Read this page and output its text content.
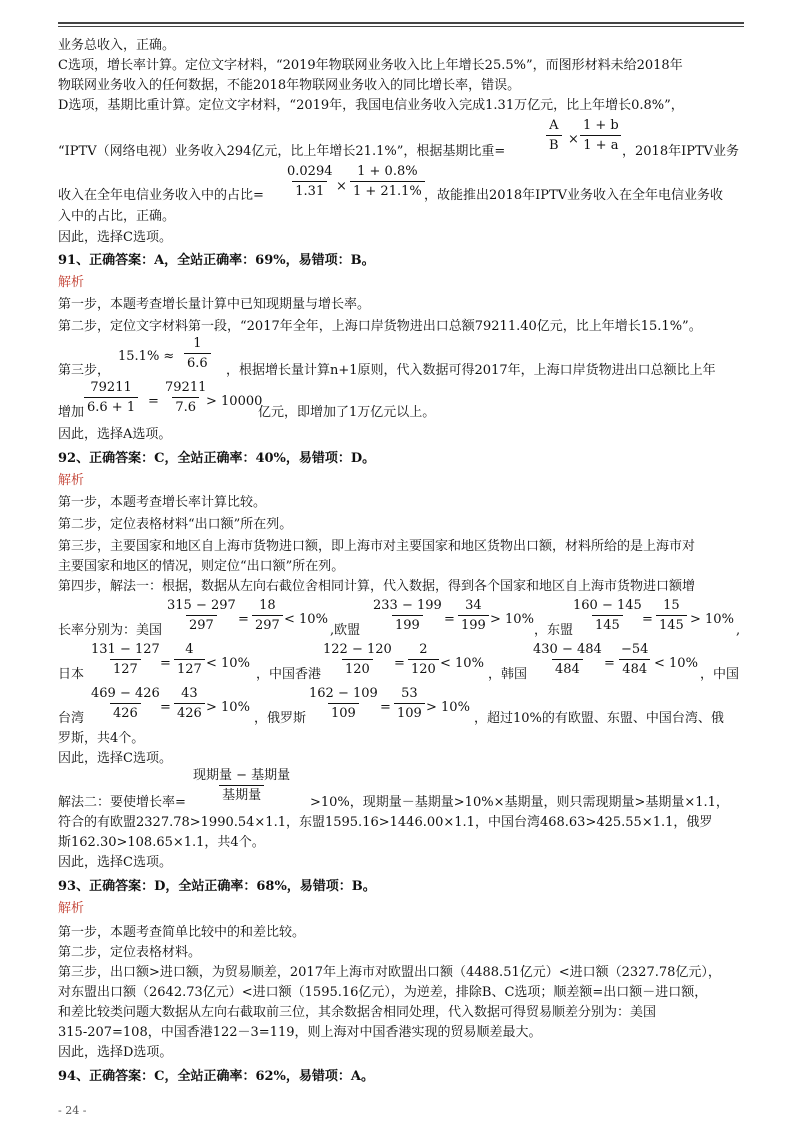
业务总收入，正确。
C选项，增长率计算。定位文字材料，“2019年物联网业务收入比上年增长25.5%”，而图形材料未给2018年
物联网业务收入的任何数据，不能2018年物联网业务收入的同比增长率，错误。
D选项，基期比重计算。定位文字材料，“2019年，我国电信业务收入完成1.31万亿元，比上年增长0.8%”，
“IPTV（网络电视）业务收入294亿元，比上年增长21.1%”，根据基期比重=
A
B ×
1 + b
1 + a ，2018年IPTV业务
收入在全年电信业务收入中的占比=
0.0294
1.31 ×
1 + 0.8%
1 + 21.1% ，故能推出2018年IPTV业务收入在全年电信业务收
入中的占比，正确。
因此，选择C选项。
91、正确答案：A，全站正确率：69%，易错项：B。
解析
第一步，本题考查增长量计算中已知现期量与增长率。
第二步，定位文字材料第一段，“2017年全年，上海口岸货物进出口总额79211.40亿元，比上年增长15.1%”。
第三步，
15.1% ≈
1
6.6 ，根据增长量计算n+1原则，代入数据可得2017年，上海口岸货物进出口总额比上年
增加
79211
6.6 + 1 =
79211
7.6 > 10000
亿元，即增加了1万亿元以上。
因此，选择A选项。
92、正确答案：C，全站正确率：40%，易错项：D。
解析
第一步，本题考查增长率计算比较。
第二步，定位表格材料“出口额”所在列。
第三步，主要国家和地区自上海市货物进口额，即上海市对主要国家和地区货物出口额，材料所给的是上海市对
主要国家和地区的情况，则定位“出口额”所在列。
第四步，解法一：根据，数据从左向右截位舍相同计算，代入数据，得到各个国家和地区自上海市货物进口额增
长率分别为：美国
315 − 297
297 =
18
297 < 10%
,欧盟
233 − 199
199 =
34
199 > 10%
，东盟
160 − 145
145 =
15
145 > 10%
,
日本
131 − 127
127 =
4
127 < 10%
，中国香港
122 − 120
120 =
2
120 < 10%
，韩国
430 − 484
484 =
−54
484 < 10%
，中国
台湾
469 − 426
426 =
43
426 > 10%
，俄罗斯
162 − 109
109 =
53
109 > 10%
，超过10%的有欧盟、东盟、中国台湾、俄
罗斯，共4个。
因此，选择C选项。
现期量 − 基期量
基期量
解法二：要使增长率=	>10%，现期量－基期量>10%×基期量，则只需现期量>基期量×1.1，
符合的有欧盟2327.78>1990.54×1.1，东盟1595.16>1446.00×1.1，中国台湾468.63>425.55×1.1，俄罗
斯162.30>108.65×1.1，共4个。
因此，选择C选项。
93、正确答案：D，全站正确率：68%，易错项：B。
解析
第一步，本题考查简单比较中的和差比较。
第二步，定位表格材料。
第三步，出口额>进口额，为贸易顺差，2017年上海市对欧盟出口额（4488.51亿元）<进口额（2327.78亿元），
对东盟出口额（2642.73亿元）<进口额（1595.16亿元），为逆差，排除B、C选项；顺差额=出口额－进口额，
和差比较类问题大数据从左向右截取前三位，其余数据舍相同处理，代入数据可得贸易顺差分别为：美国
315-207=108，中国香港122－3=119，则上海对中国香港实现的贸易顺差最大。
因此，选择D选项。
94、正确答案：C，全站正确率：62%，易错项：A。
- 24 -
